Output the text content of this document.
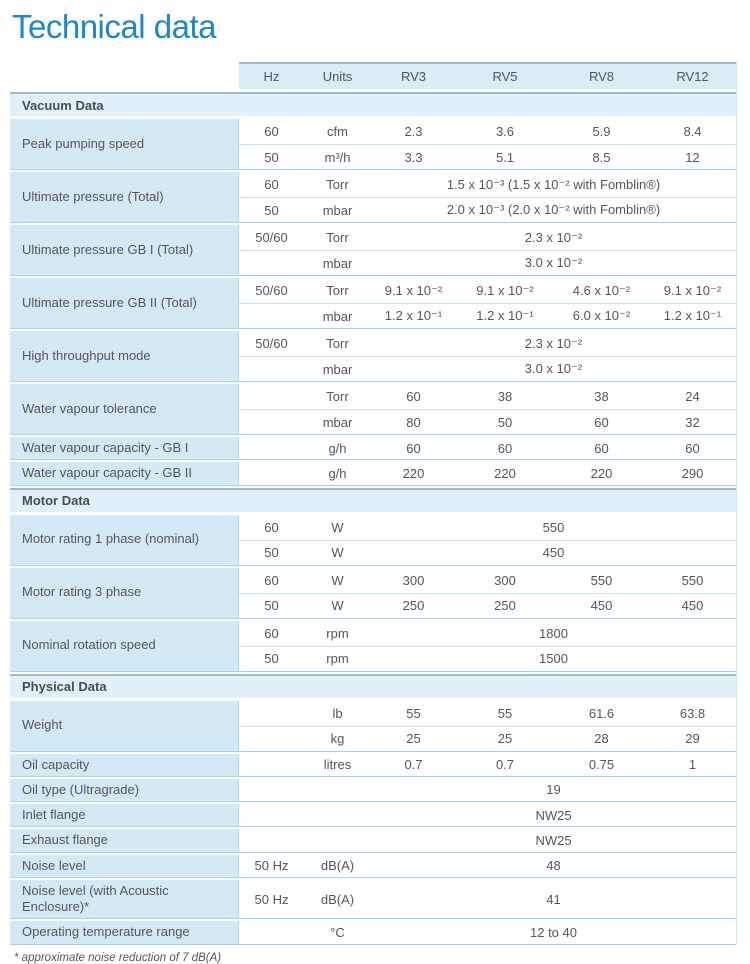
Technical data
Hz	Units	RV3	RV5	RV8	RV12
Vacuum Data
Peak pumping speed
60	cfm	2.3	3.6	5.9	8.4
50	m³/h	3.3	5.1	8.5	12
Ultimate pressure (Total)
60	Torr	1.5 x 10⁻³ (1.5 x 10⁻² with Fomblin®)
50	mbar	2.0 x 10⁻³ (2.0 x 10⁻² with Fomblin®)
Ultimate pressure GB I (Total)
50/60	Torr	2.3 x 10⁻²
mbar	3.0 x 10⁻²
Ultimate pressure GB II (Total)
50/60	Torr	9.1 x 10⁻²	9.1 x 10⁻²	4.6 x 10⁻²	9.1 x 10⁻²
mbar	1.2 x 10⁻¹	1.2 x 10⁻¹	6.0 x 10⁻²	1.2 x 10⁻¹
High throughput mode
50/60	Torr	2.3 x 10⁻²
mbar	3.0 x 10⁻²
Water vapour tolerance
Torr	60	38	38	24
mbar	80	50	60	32
Water vapour capacity - GB I	g/h	60	60	60	60
Water vapour capacity - GB II	g/h	220	220	220	290
Motor Data
Motor rating 1 phase (nominal)
60	W	550
50	W	450
Motor rating 3 phase
60	W	300	300	550	550
50	W	250	250	450	450
Nominal rotation speed
60	rpm	1800
50	rpm	1500
Physical Data
Weight
lb	55	55	61.6	63.8
kg	25	25	28	29
Oil capacity	litres	0.7	0.7	0.75	1
Oil type (Ultragrade)	19
Inlet flange	NW25
Exhaust flange	NW25
Noise level	50 Hz	dB(A)	48
Noise level (with Acoustic Enclosure)*	50 Hz	dB(A)	41
Operating temperature range	°C	12 to 40
* approximate noise reduction of 7 dB(A)
